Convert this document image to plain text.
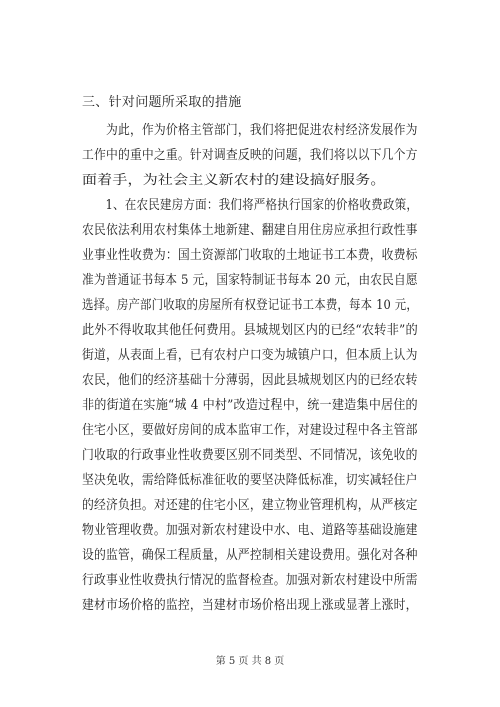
三、针对问题所采取的措施
　　为此，作为价格主管部门，我们将把促进农村经济发展作为
工作中的重中之重。针对调查反映的问题，我们将以以下几个方
面着手，为社会主义新农村的建设搞好服务。
　　1、在农民建房方面：我们将严格执行国家的价格收费政策，
农民依法利用农村集体土地新建、翻建自用住房应承担行政性事
业事业性收费为：国土资源部门收取的土地证书工本费，收费标
准为普通证书每本 5 元，国家特制证书每本 20 元，由农民自愿
选择。房产部门收取的房屋所有权登记证书工本费，每本 10 元，
此外不得收取其他任何费用。县城规划区内的已经“农转非”的
街道，从表面上看，已有农村户口变为城镇户口，但本质上认为
农民，他们的经济基础十分薄弱，因此县城规划区内的已经农转
非的街道在实施“城 4 中村”改造过程中，统一建造集中居住的
住宅小区，要做好房间的成本监审工作，对建设过程中各主管部
门收取的行政事业性收费要区别不同类型、不同情况，该免收的
坚决免收，需给降低标准征收的要坚决降低标准，切实减轻住户
的经济负担。对还建的住宅小区，建立物业管理机构，从严核定
物业管理收费。加强对新农村建设中水、电、道路等基础设施建
设的监管，确保工程质量，从严控制相关建设费用。强化对各种
行政事业性收费执行情况的监督检查。加强对新农村建设中所需
建材市场价格的监控，当建材市场价格出现上涨或显著上涨时，
第 5 页 共 8 页
